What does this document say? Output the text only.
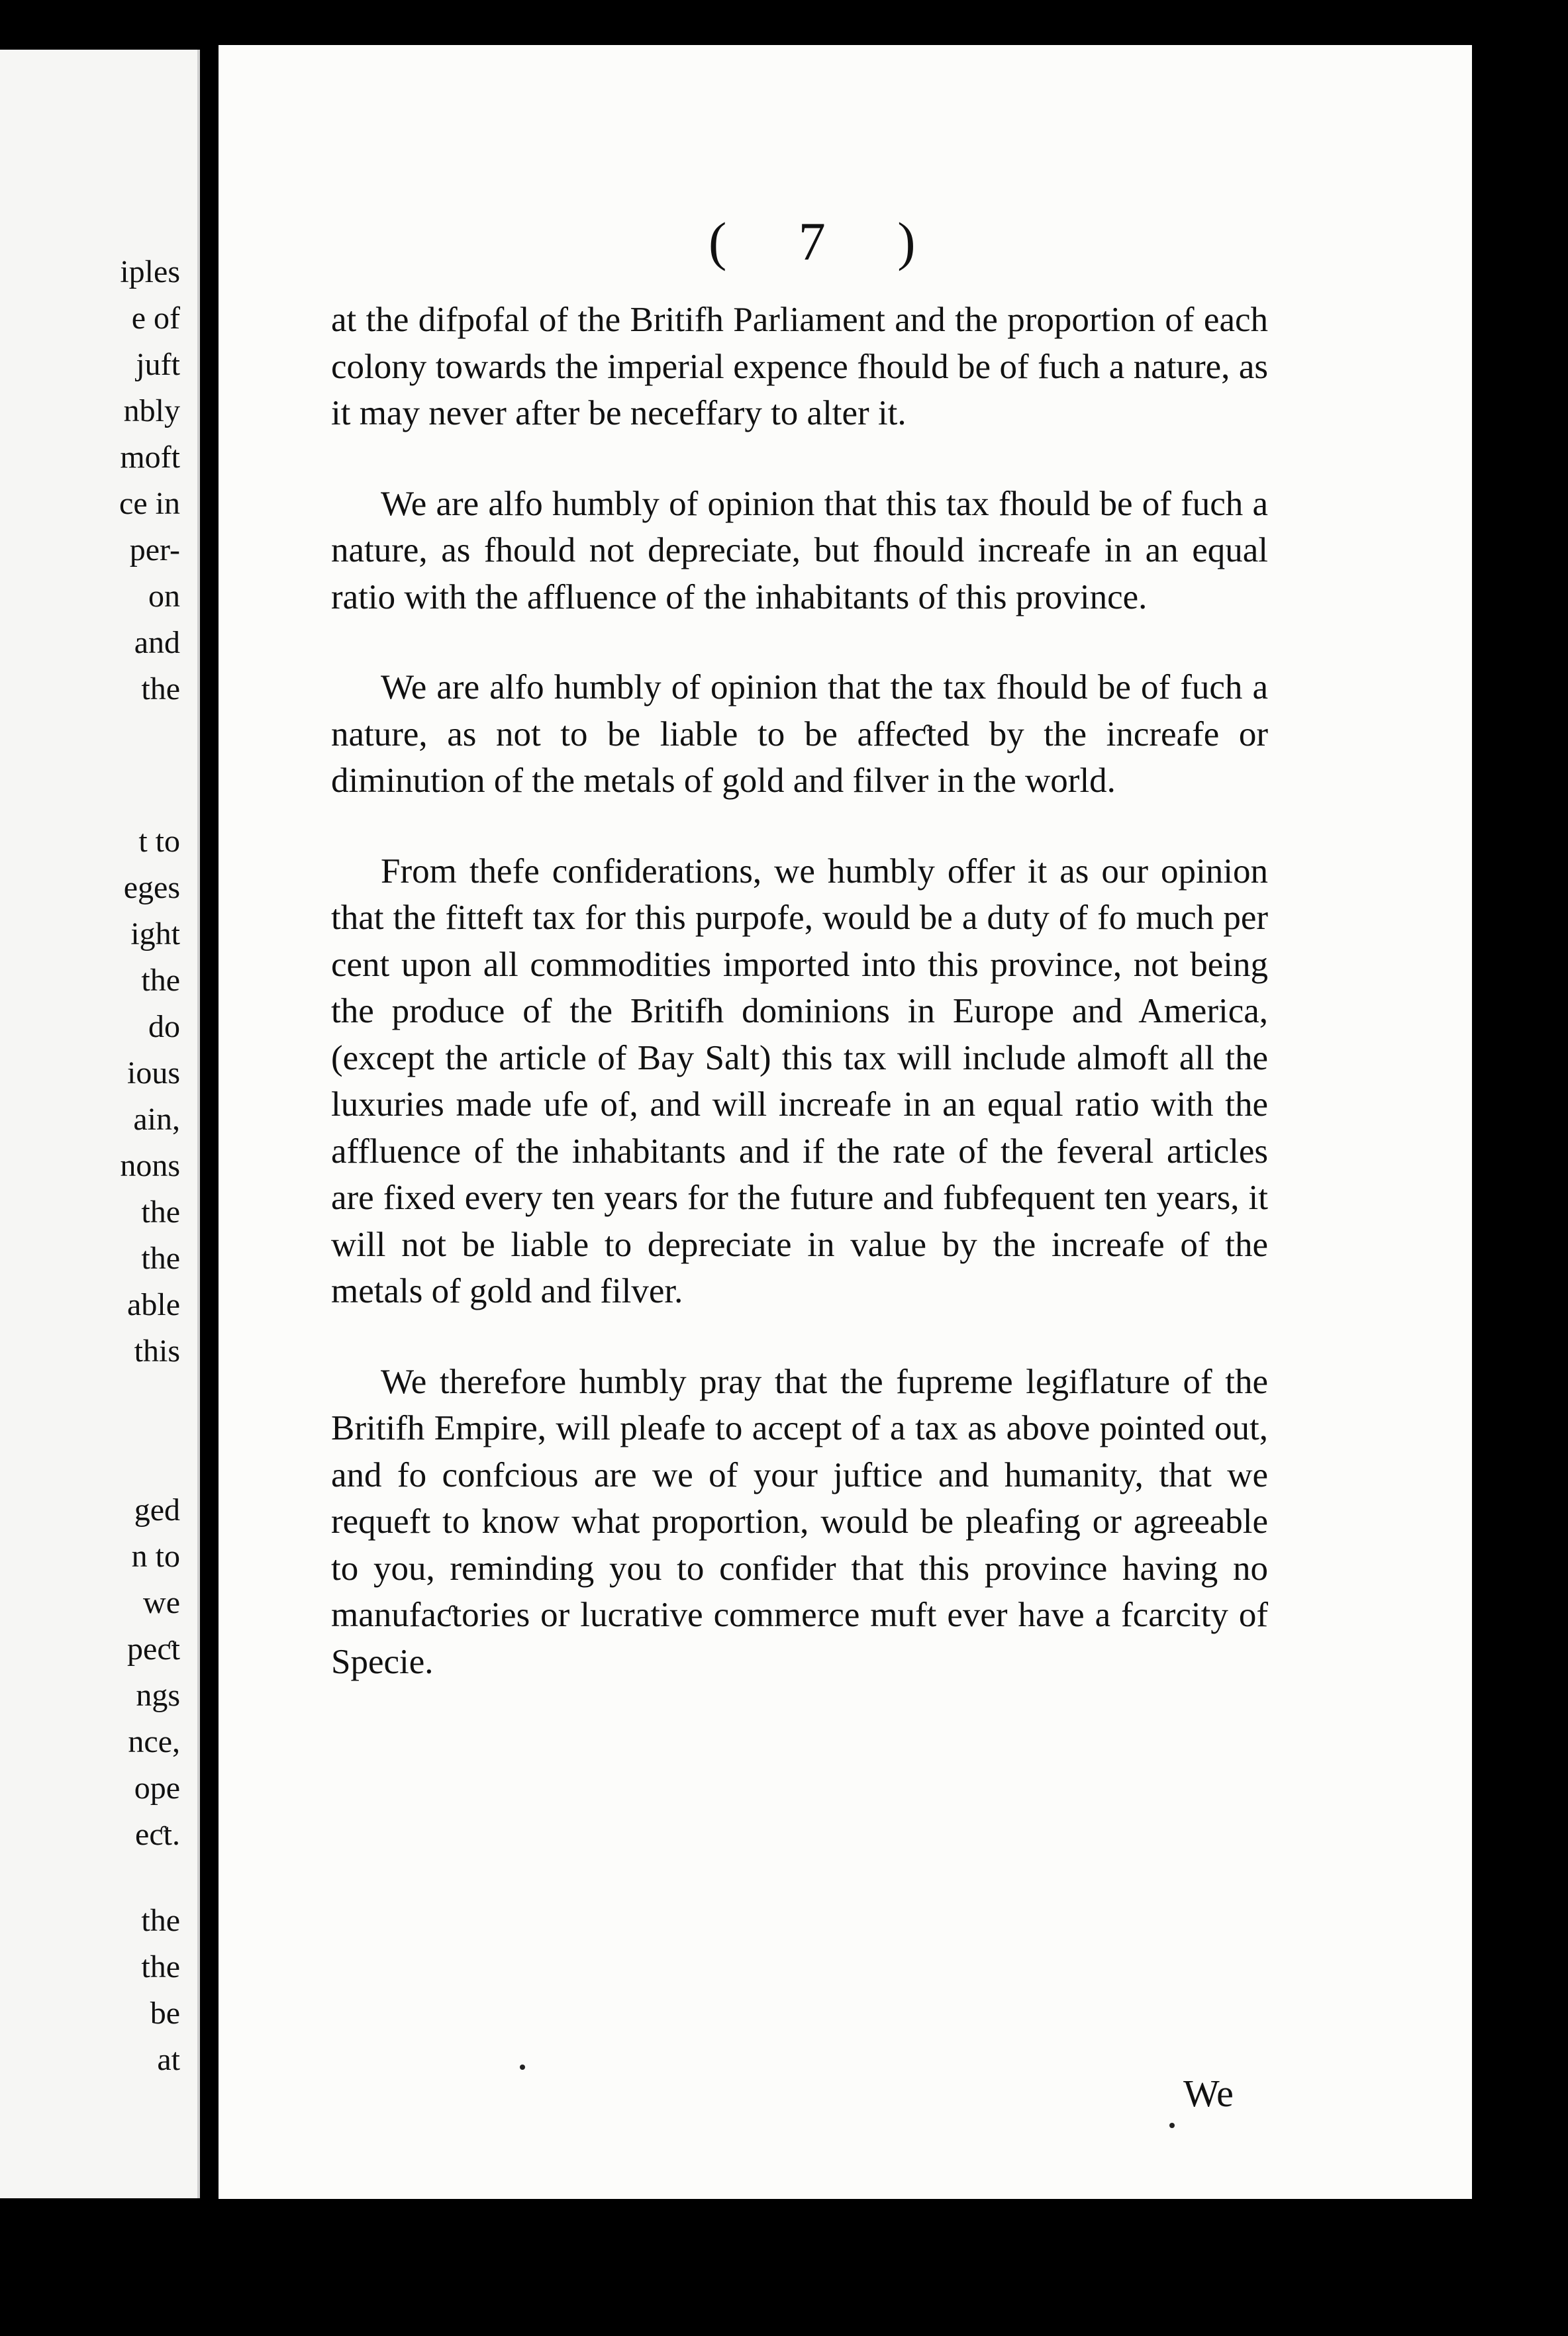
iples
e of
juft
nbly
moft
ce in
per-
on
and
the
t to
eges
ight
the
do
ious
ain,
nons
the
the
able
this
ged
n to
we
peƈt
ngs
nce,
ope
eƈt.
the
the
be
at
( 7 )

at the difpofal of the Britifh Parliament and the proportion of each colony towards the imperial expence fhould be of fuch a nature, as it may never after be neceffary to alter it.

We are alfo humbly of opinion that this tax fhould be of fuch a nature, as fhould not depreciate, but fhould increafe in an equal ratio with the affluence of the inhabitants of this province.

We are alfo humbly of opinion that the tax fhould be of fuch a nature, as not to be liable to be affeƈted by the increafe or diminution of the metals of gold and filver in the world.

From thefe confiderations, we humbly offer it as our opinion that the fitteft tax for this purpofe, would be a duty of fo much per cent upon all commodities imported into this province, not being the produce of the Britifh dominions in Europe and America, (except the article of Bay Salt) this tax will include almoft all the luxuries made ufe of, and will increafe in an equal ratio with the affluence of the inhabitants and if the rate of the feveral articles are fixed every ten years for the future and fubfequent ten years, it will not be liable to depreciate in value by the increafe of the metals of gold and filver.

We therefore humbly pray that the fupreme legiflature of the Britifh Empire, will pleafe to accept of a tax as above pointed out, and fo confcious are we of your juftice and humanity, that we requeft to know what proportion, would be pleafing or agreeable to you, reminding you to confider that this province having no manufaƈtories or lucrative commerce muft ever have a fcarcity of Specie.

We
